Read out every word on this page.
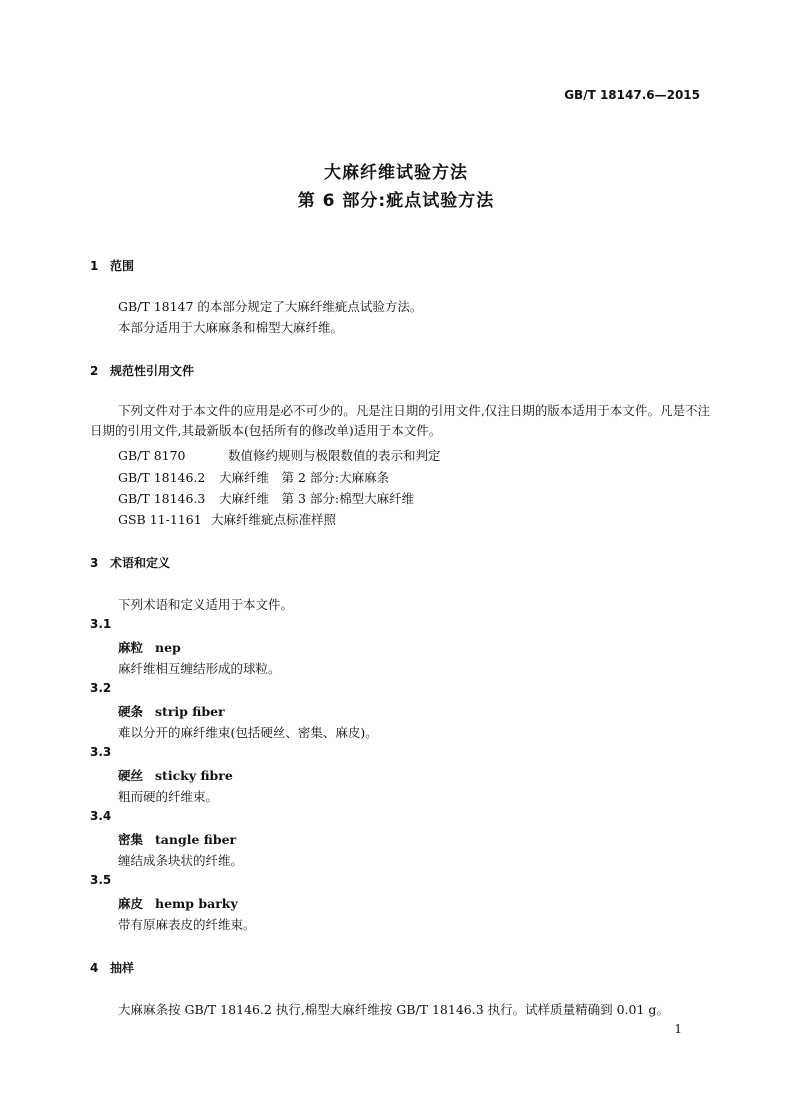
GB/T 18147.6—2015
大麻纤维试验方法
第 6 部分:疵点试验方法
1 范围
GB/T 18147 的本部分规定了大麻纤维疵点试验方法。
本部分适用于大麻麻条和棉型大麻纤维。
2 规范性引用文件
下列文件对于本文件的应用是必不可少的。凡是注日期的引用文件,仅注日期的版本适用于本文件。凡是不注日期的引用文件,其最新版本(包括所有的修改单)适用于本文件。
GB/T 8170	数值修约规则与极限数值的表示和判定
GB/T 18146.2 大麻纤维　第 2 部分:大麻麻条
GB/T 18146.3 大麻纤维　第 3 部分:棉型大麻纤维
GSB 11-1161 大麻纤维疵点标准样照
3 术语和定义
下列术语和定义适用于本文件。
3.1
麻粒 nep
麻纤维相互缠结形成的球粒。
3.2
硬条 strip fiber
难以分开的麻纤维束(包括硬丝、密集、麻皮)。
3.3
硬丝 sticky fibre
粗而硬的纤维束。
3.4
密集 tangle fiber
缠结成条块状的纤维。
3.5
麻皮 hemp barky
带有原麻表皮的纤维束。
4 抽样
大麻麻条按 GB/T 18146.2 执行,棉型大麻纤维按 GB/T 18146.3 执行。试样质量精确到 0.01 g。
1
